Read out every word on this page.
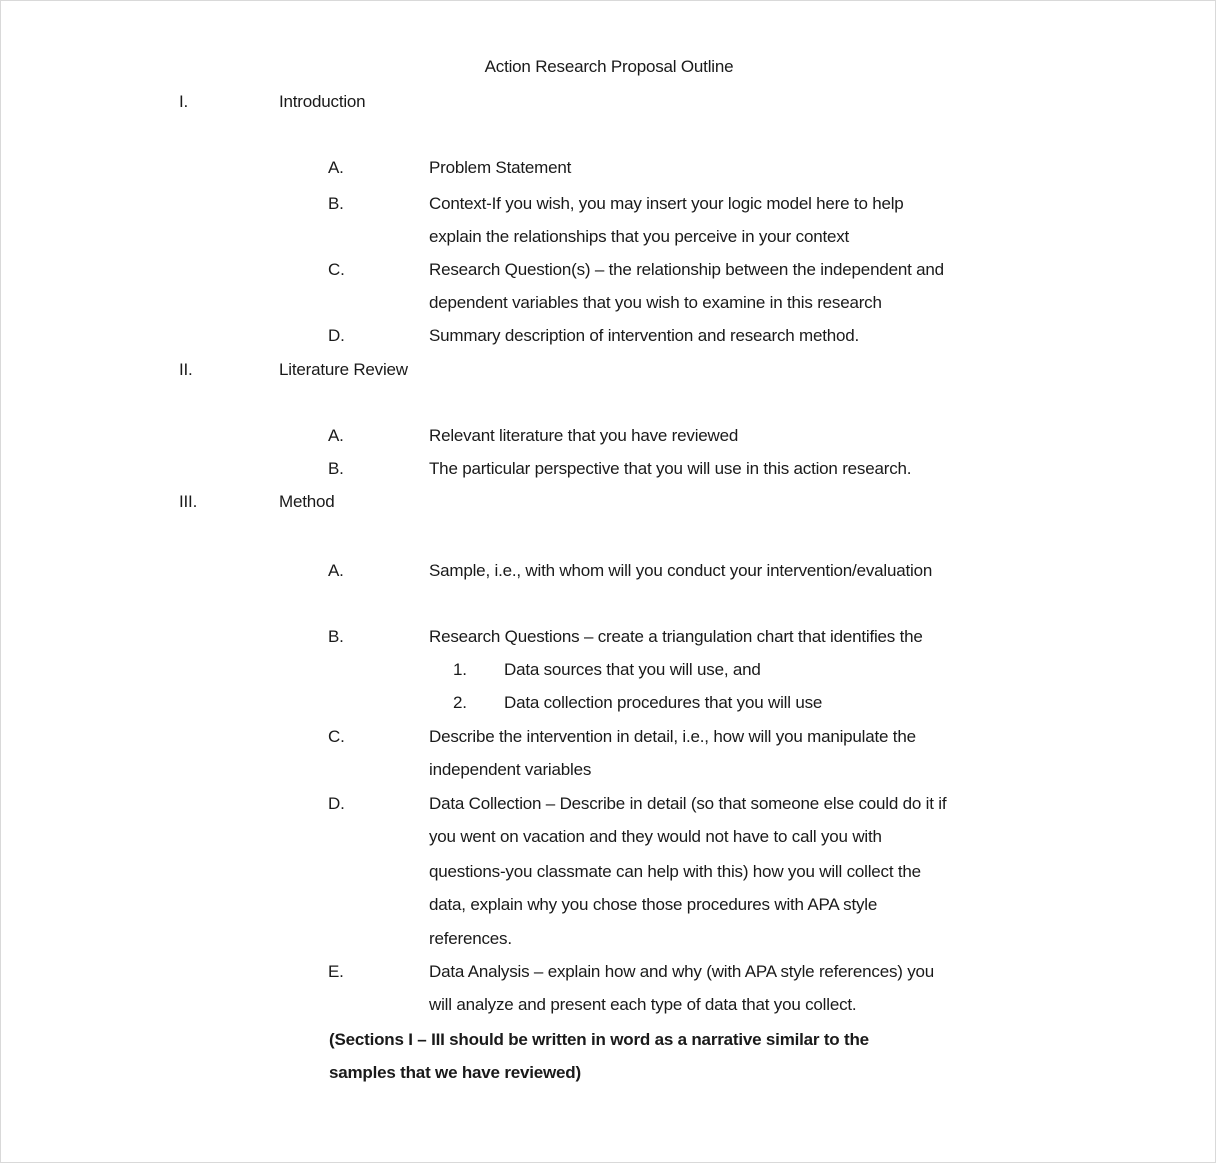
Action Research Proposal Outline
I.	Introduction
A.	Problem Statement
B.	Context-If you wish, you may insert your logic model here to help
explain the relationships that you perceive in your context
C.	Research Question(s) – the relationship between the independent and
dependent variables that you wish to examine in this research
D.	Summary description of intervention and research method.
II.	Literature Review
A.	Relevant literature that you have reviewed
B.	The particular perspective that you will use in this action research.
III.	Method
A.	Sample, i.e., with whom will you conduct your intervention/evaluation
B.	Research Questions – create a triangulation chart that identifies the
1. Data sources that you will use, and
2. Data collection procedures that you will use
C.	Describe the intervention in detail, i.e., how will you manipulate the
independent variables
D.	Data Collection – Describe in detail (so that someone else could do it if
you went on vacation and they would not have to call you with
questions-you classmate can help with this) how you will collect the
data, explain why you chose those procedures with APA style
references.
E.	Data Analysis – explain how and why (with APA style references) you
will analyze and present each type of data that you collect.
(Sections I – III should be written in word as a narrative similar to the
samples that we have reviewed)
